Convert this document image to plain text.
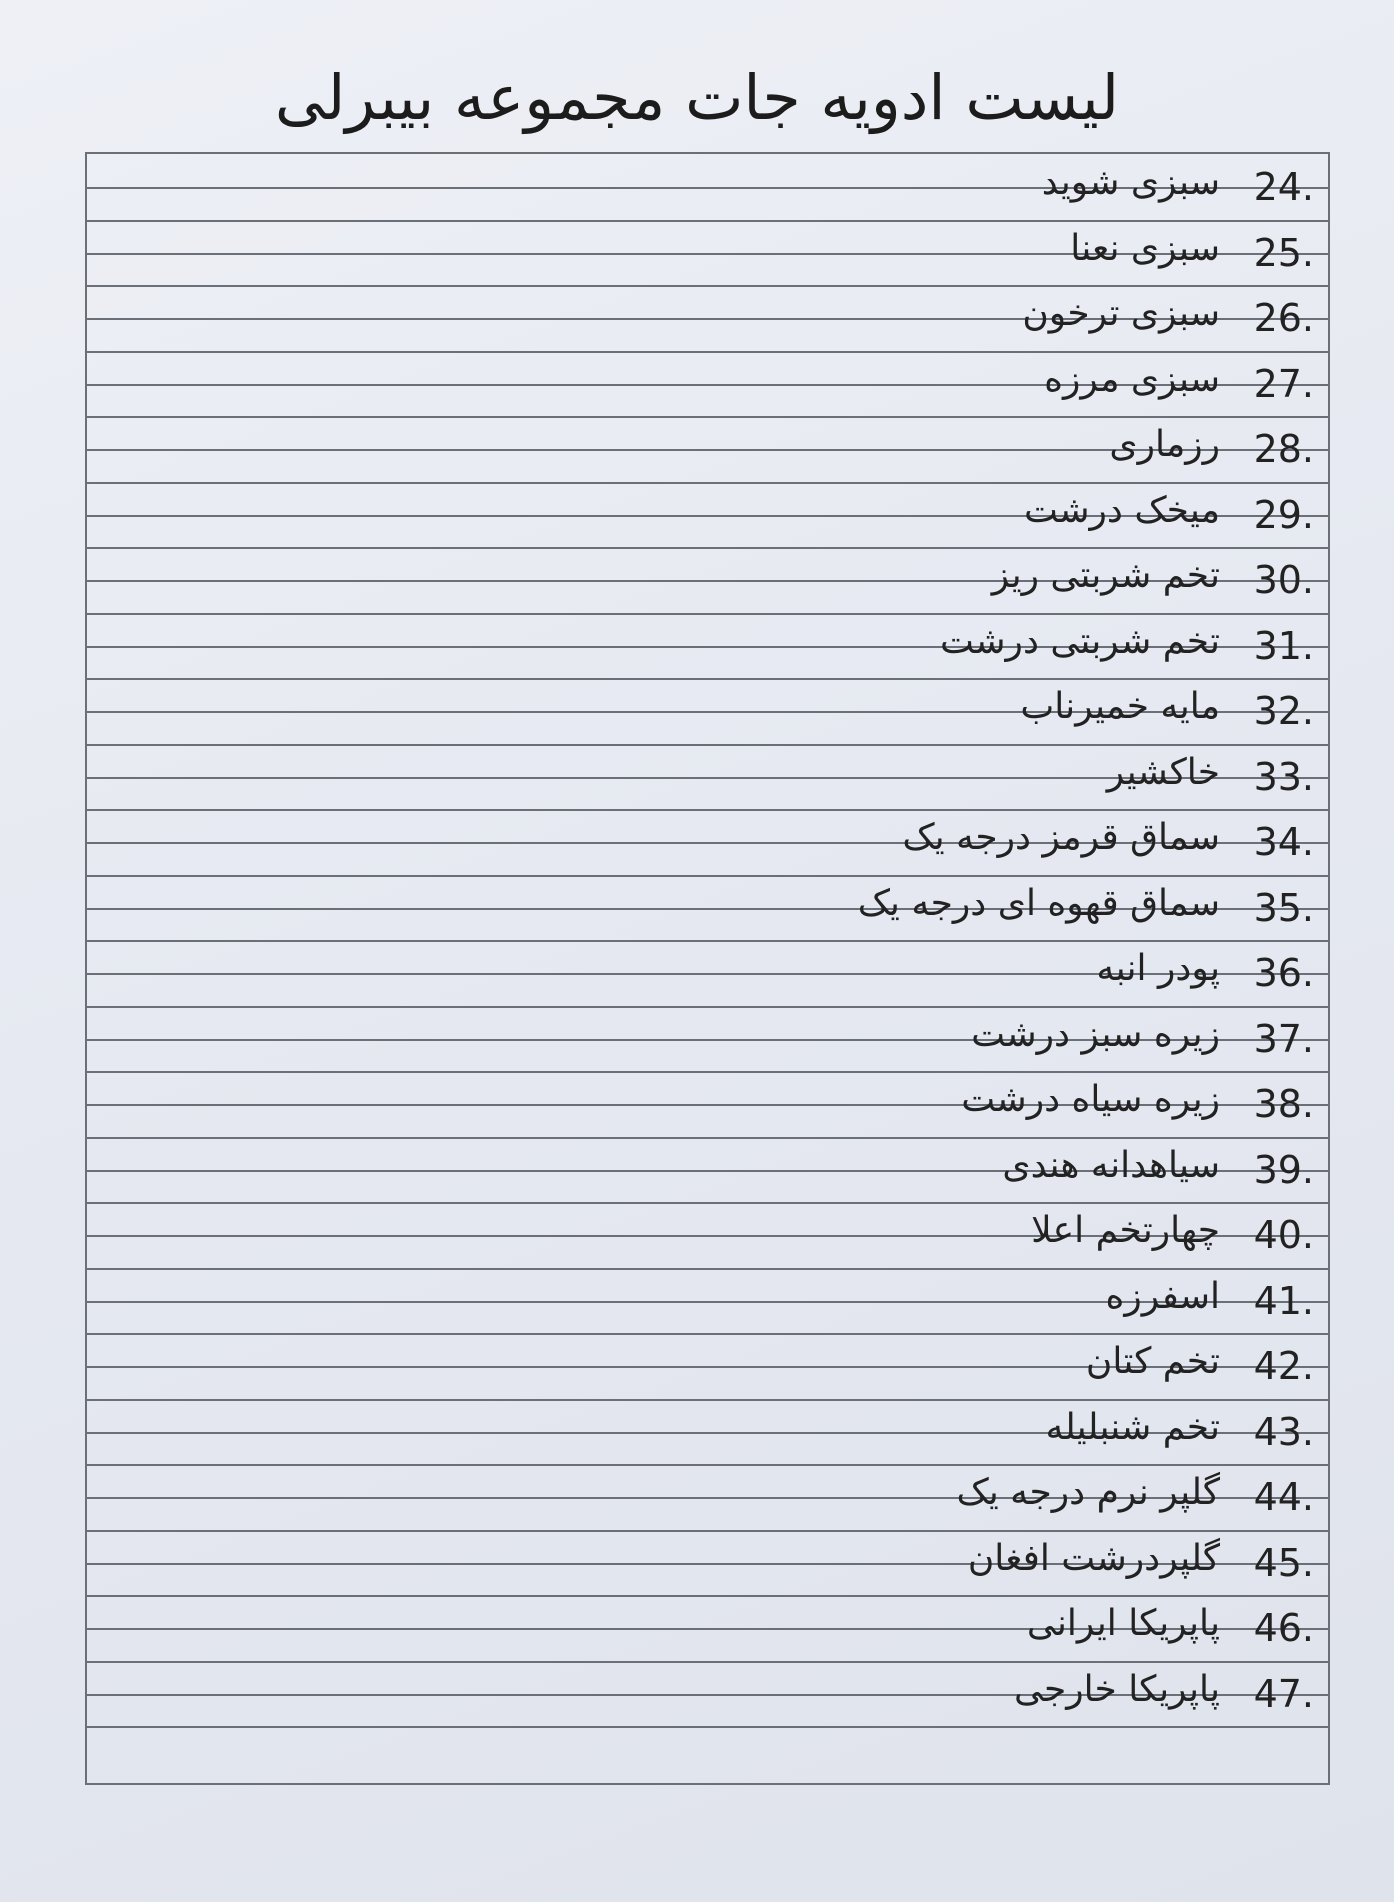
لیست ادویه جات مجموعه بیبرلی
24.
سبزی شوید
25.
سبزی نعنا
26.
سبزی ترخون
27.
سبزی مرزه
28.
رزماری
29.
میخک درشت
30.
تخم شربتی ریز
31.
تخم شربتی درشت
32.
مایه خمیرناب
33.
خاکشیر
34.
سماق قرمز درجه یک
35.
سماق قهوه ای درجه یک
36.
پودر انبه
37.
زیره سبز درشت
38.
زیره سیاه درشت
39.
سیاهدانه هندی
40.
چهارتخم اعلا
41.
اسفرزه
42.
تخم کتان
43.
تخم شنبلیله
44.
گلپر نرم درجه یک
45.
گلپردرشت افغان
46.
پاپریکا ایرانی
47.
پاپریکا خارجی
